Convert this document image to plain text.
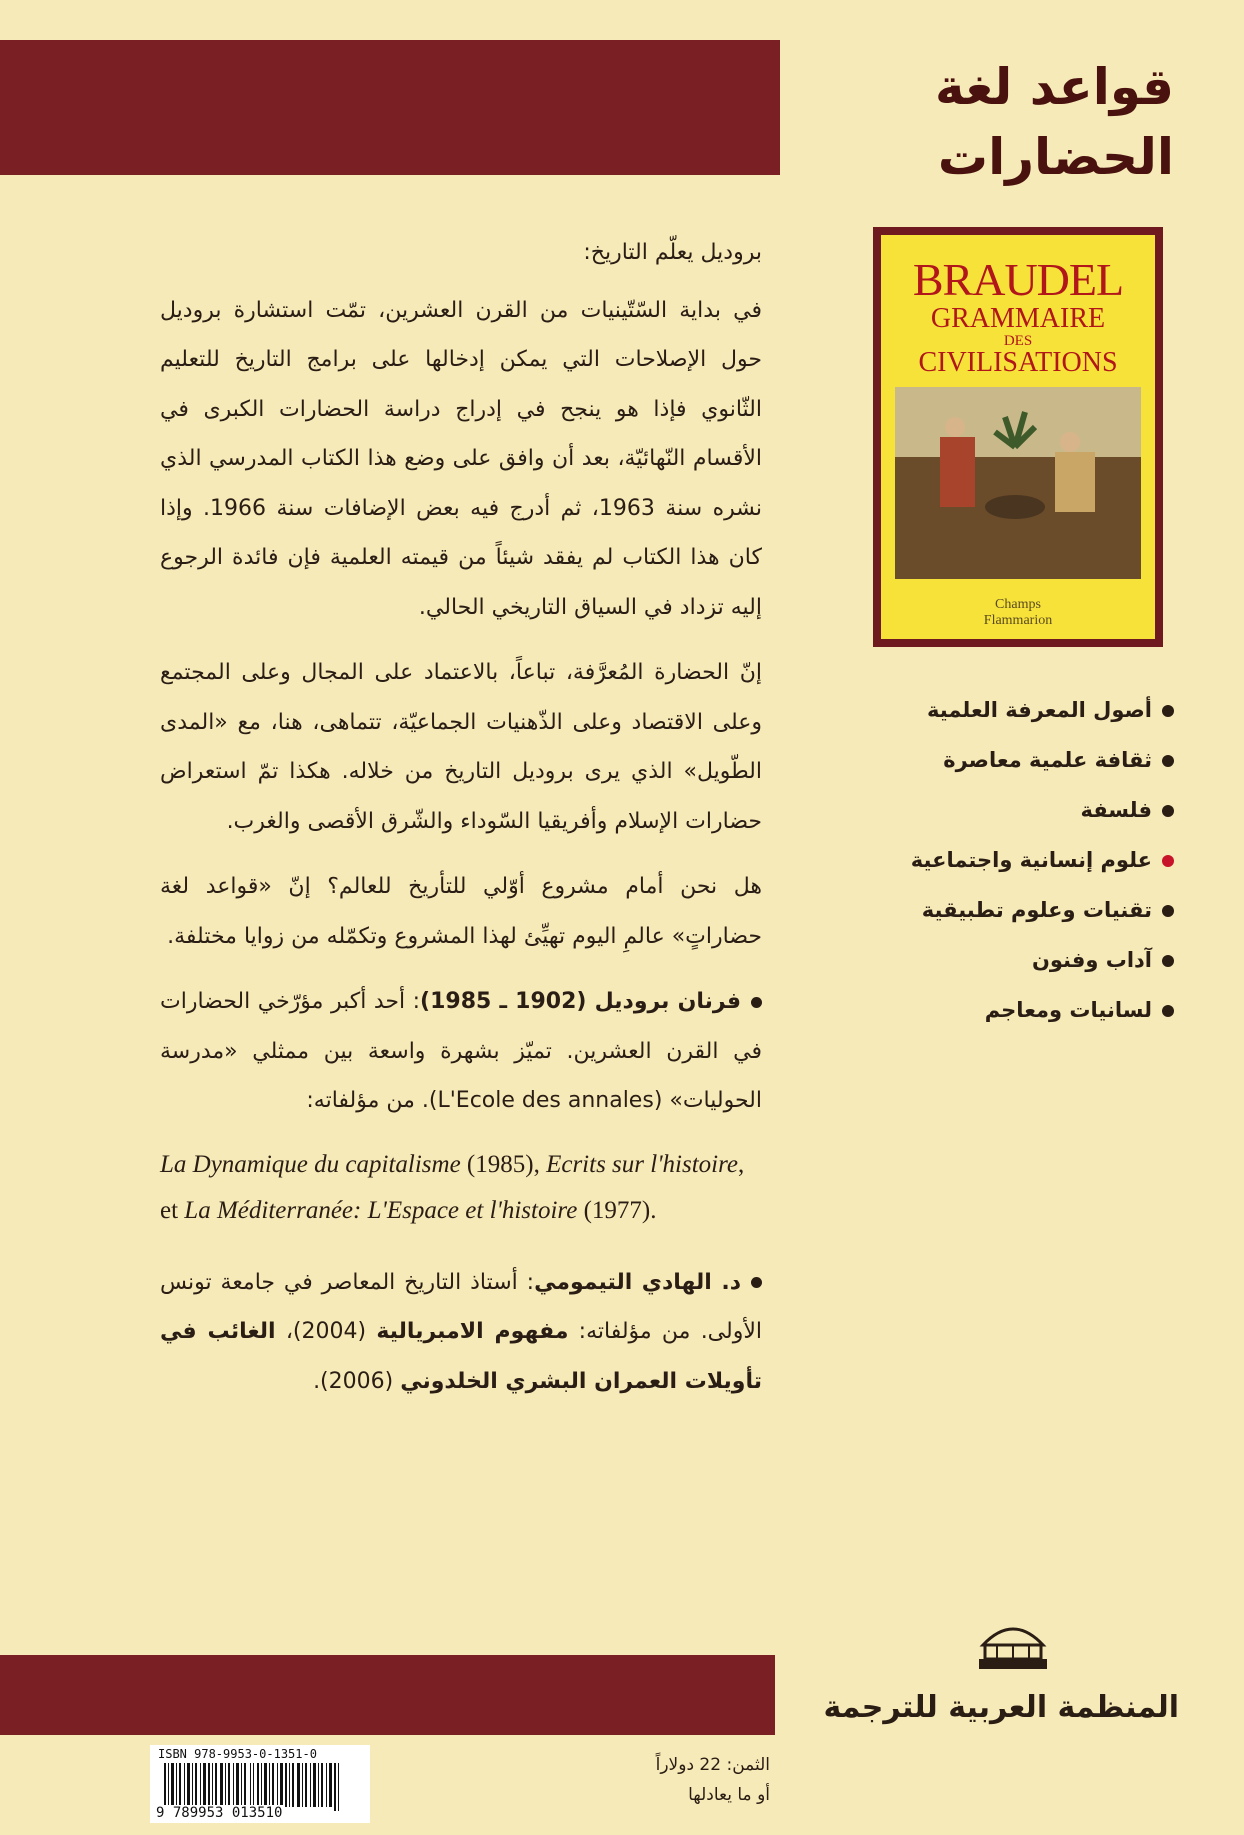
قواعد لغة
الحضارات
BRAUDEL
GRAMMAIRE
DES
CIVILISATIONS
Champs
Flammarion
أصول المعرفة العلمية
ثقافة علمية معاصرة
فلسفة
علوم إنسانية واجتماعية
تقنيات وعلوم تطبيقية
آداب وفنون
لسانيات ومعاجم

بروديل يعلّم التاريخ:

في بداية السّتّينيات من القرن العشرين، تمّت استشارة بروديل حول الإصلاحات التي يمكن إدخالها على برامج التاريخ للتعليم الثّانوي فإذا هو ينجح في إدراج دراسة الحضارات الكبرى في الأقسام النّهائيّة، بعد أن وافق على وضع هذا الكتاب المدرسي الذي نشره سنة 1963، ثم أدرج فيه بعض الإضافات سنة 1966. وإذا كان هذا الكتاب لم يفقد شيئاً من قيمته العلمية فإن فائدة الرجوع إليه تزداد في السياق التاريخي الحالي.

إنّ الحضارة المُعرَّفة، تباعاً، بالاعتماد على المجال وعلى المجتمع وعلى الاقتصاد وعلى الذّهنيات الجماعيّة، تتماهى، هنا، مع «المدى الطّويل» الذي يرى بروديل التاريخ من خلاله. هكذا تمّ استعراض حضارات الإسلام وأفريقيا السّوداء والشّرق الأقصى والغرب.

هل نحن أمام مشروع أوّلي للتأريخ للعالم؟ إنّ «قواعد لغة حضاراتٍ» عالمِ اليوم تهيِّئ لهذا المشروع وتكمّله من زوايا مختلفة.

فرنان بروديل (1902 ـ 1985): أحد أكبر مؤرّخي الحضارات في القرن العشرين. تميّز بشهرة واسعة بين ممثلي «مدرسة الحوليات» (L'Ecole des annales). من مؤلفاته:

La Dynamique du capitalisme (1985), Ecrits sur l'histoire, et La Méditerranée: L'Espace et l'histoire (1977).

د. الهادي التيمومي: أستاذ التاريخ المعاصر في جامعة تونس الأولى. من مؤلفاته: مفهوم الامبريالية (2004)، الغائب في تأويلات العمران البشري الخلدوني (2006).

المنظمة العربية للترجمة
الثمن: 22 دولاراً
أو ما يعادلها
ISBN 978-9953-0-1351-0
9 789953 013510
